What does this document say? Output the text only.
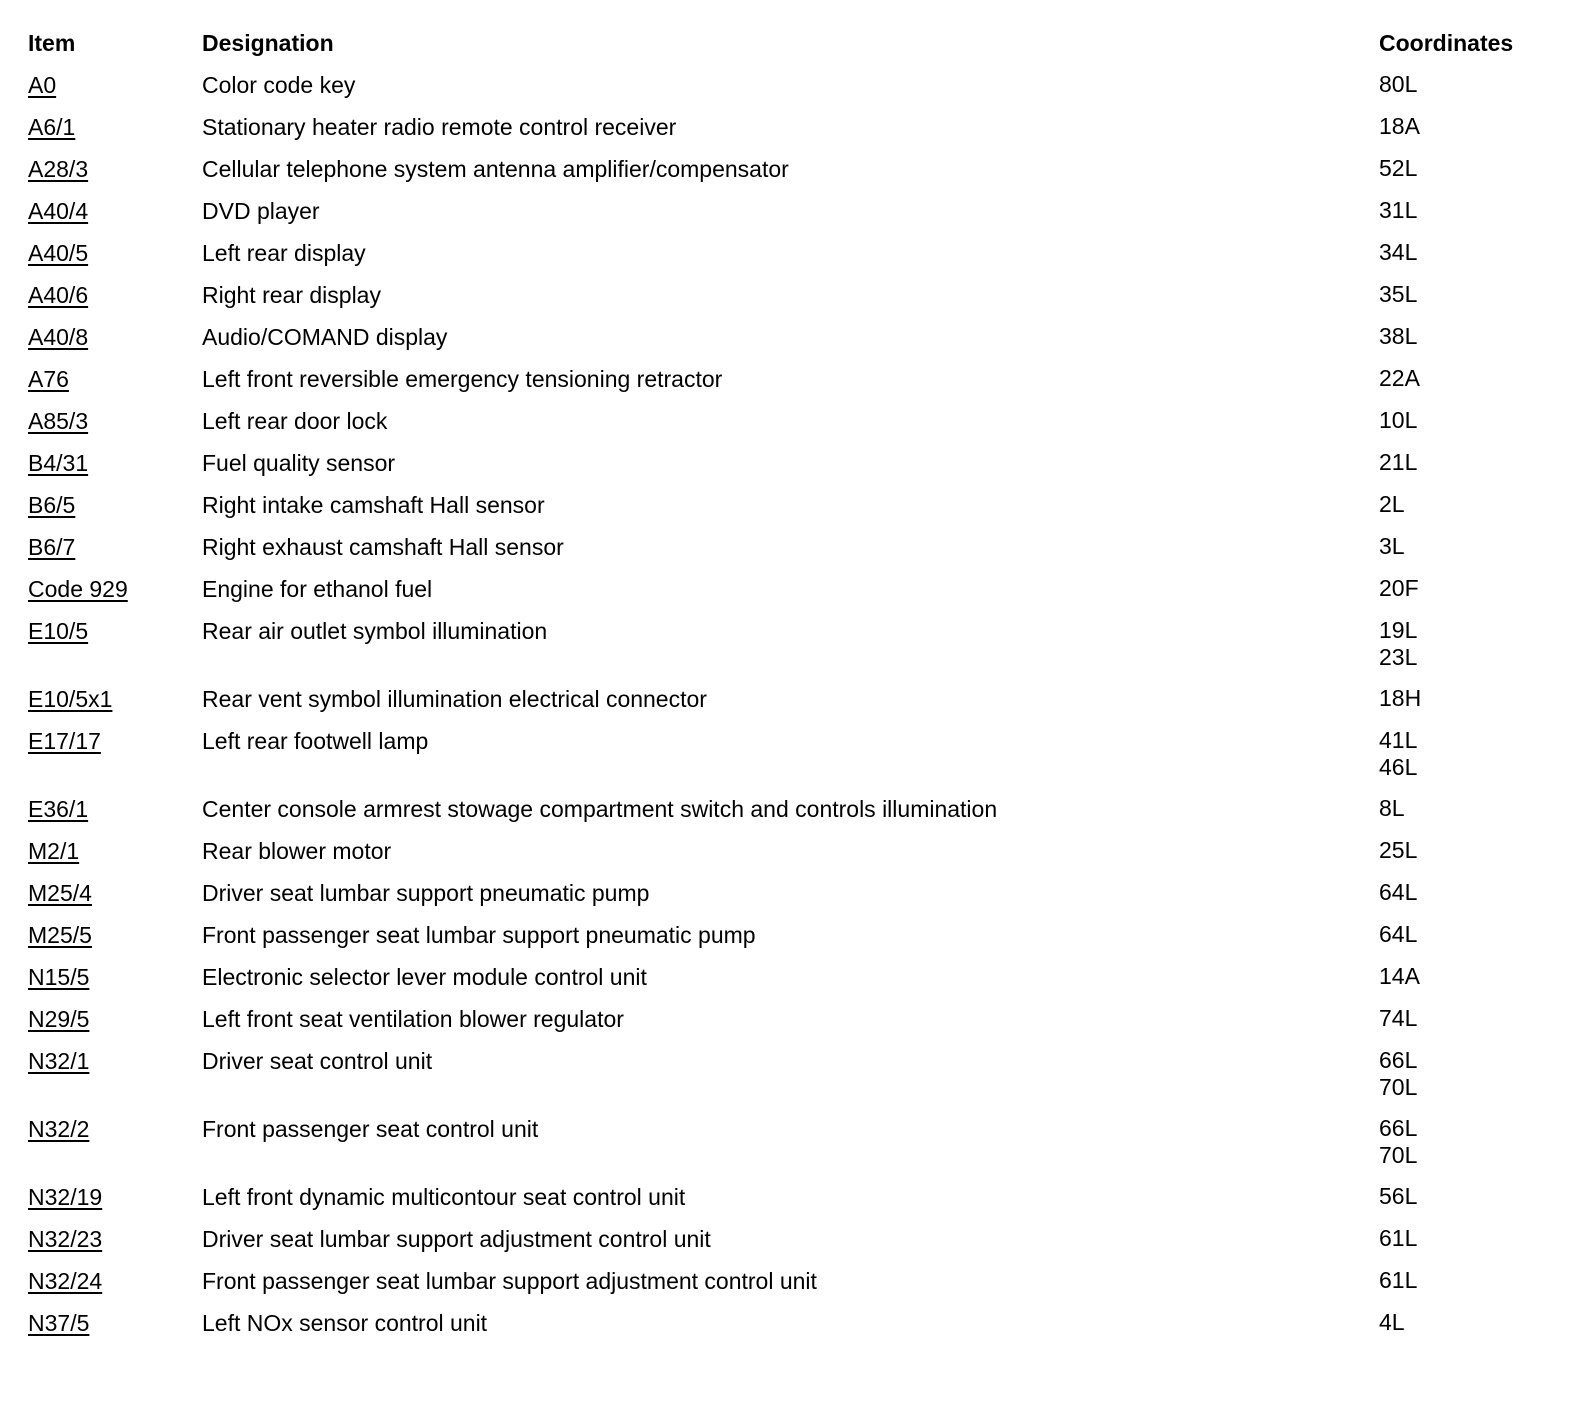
Item	Designation	Coordinates
A0	Color code key	80L
A6/1	Stationary heater radio remote control receiver	18A
A28/3	Cellular telephone system antenna amplifier/compensator	52L
A40/4	DVD player	31L
A40/5	Left rear display	34L
A40/6	Right rear display	35L
A40/8	Audio/COMAND display	38L
A76	Left front reversible emergency tensioning retractor	22A
A85/3	Left rear door lock	10L
B4/31	Fuel quality sensor	21L
B6/5	Right intake camshaft Hall sensor	2L
B6/7	Right exhaust camshaft Hall sensor	3L
Code 929	Engine for ethanol fuel	20F
E10/5	Rear air outlet symbol illumination	19L
23L
E10/5x1	Rear vent symbol illumination electrical connector	18H
E17/17	Left rear footwell lamp	41L
46L
E36/1	Center console armrest stowage compartment switch and controls illumination	8L
M2/1	Rear blower motor	25L
M25/4	Driver seat lumbar support pneumatic pump	64L
M25/5	Front passenger seat lumbar support pneumatic pump	64L
N15/5	Electronic selector lever module control unit	14A
N29/5	Left front seat ventilation blower regulator	74L
N32/1	Driver seat control unit	66L
70L
N32/2	Front passenger seat control unit	66L
70L
N32/19	Left front dynamic multicontour seat control unit	56L
N32/23	Driver seat lumbar support adjustment control unit	61L
N32/24	Front passenger seat lumbar support adjustment control unit	61L
N37/5	Left NOx sensor control unit	4L
